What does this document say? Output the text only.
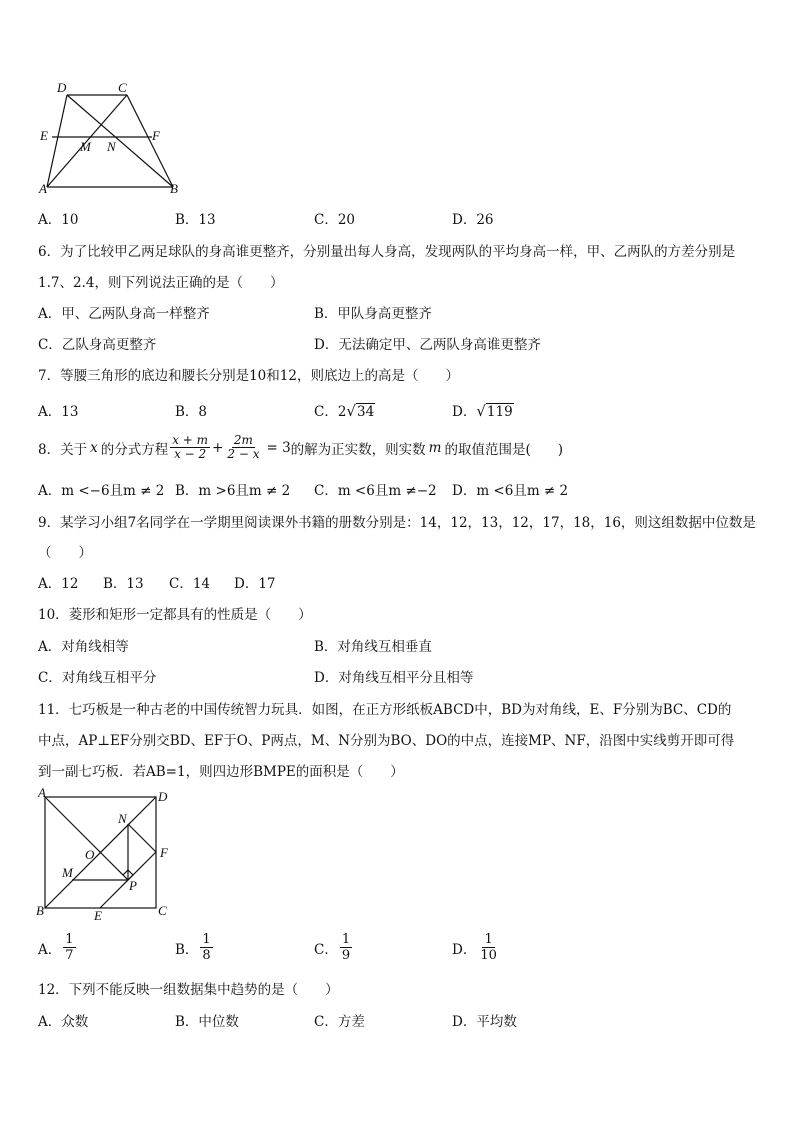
D	C
E	F
M N
A	B
A．10	B．13	C．20	D．26
6．为了比较甲乙两足球队的身高谁更整齐，分别量出每人身高，发现两队的平均身高一样，甲、乙两队的方差分别是
1.7、2.4，则下列说法正确的是（　　）
A．甲、乙两队身高一样整齐	B．甲队身高更整齐
C．乙队身高更整齐	D．无法确定甲、乙两队身高谁更整齐
7．等腰三角形的底边和腰长分别是10和12，则底边上的高是（　　）
A．13	B．8	C．2√34	D．√119
8．关于 x 的分式方程 $\frac{x + m}{x - 2} + \frac{2m}{2 - x} = 3$ 的解为正实数，则实数 m 的取值范围是(　　)
A．m <−6且m ≠ 2 B．m >6且m ≠ 2 C．m <6且m ≠−2 D．m <6且m ≠ 2
9．某学习小组7名同学在一学期里阅读课外书籍的册数分别是：14，12，13，12，17，18，16，则这组数据中位数是
（　　）
A．12 B．13 C．14 D．17
10．菱形和矩形一定都具有的性质是（　　）
A．对角线相等	B．对角线互相垂直
C．对角线互相平分	D．对角线互相平分且相等
11．七巧板是一种古老的中国传统智力玩具．如图，在正方形纸板ABCD中，BD为对角线，E、F分别为BC、CD的
中点，AP⊥EF分别交BD、EF于O、P两点，M、N分别为BO、DO的中点，连接MP、NF，沿图中实线剪开即可得
到一副七巧板．若AB=1，则四边形BMPE的面积是（　　）
A	D
N
F
O
M
P
B	E	C
A． $\frac{1}{7}$	B． $\frac{1}{8}$	C． $\frac{1}{9}$	D． $\frac{1}{10}$
12．下列不能反映一组数据集中趋势的是（　　）
A．众数	B．中位数	C．方差	D．平均数
